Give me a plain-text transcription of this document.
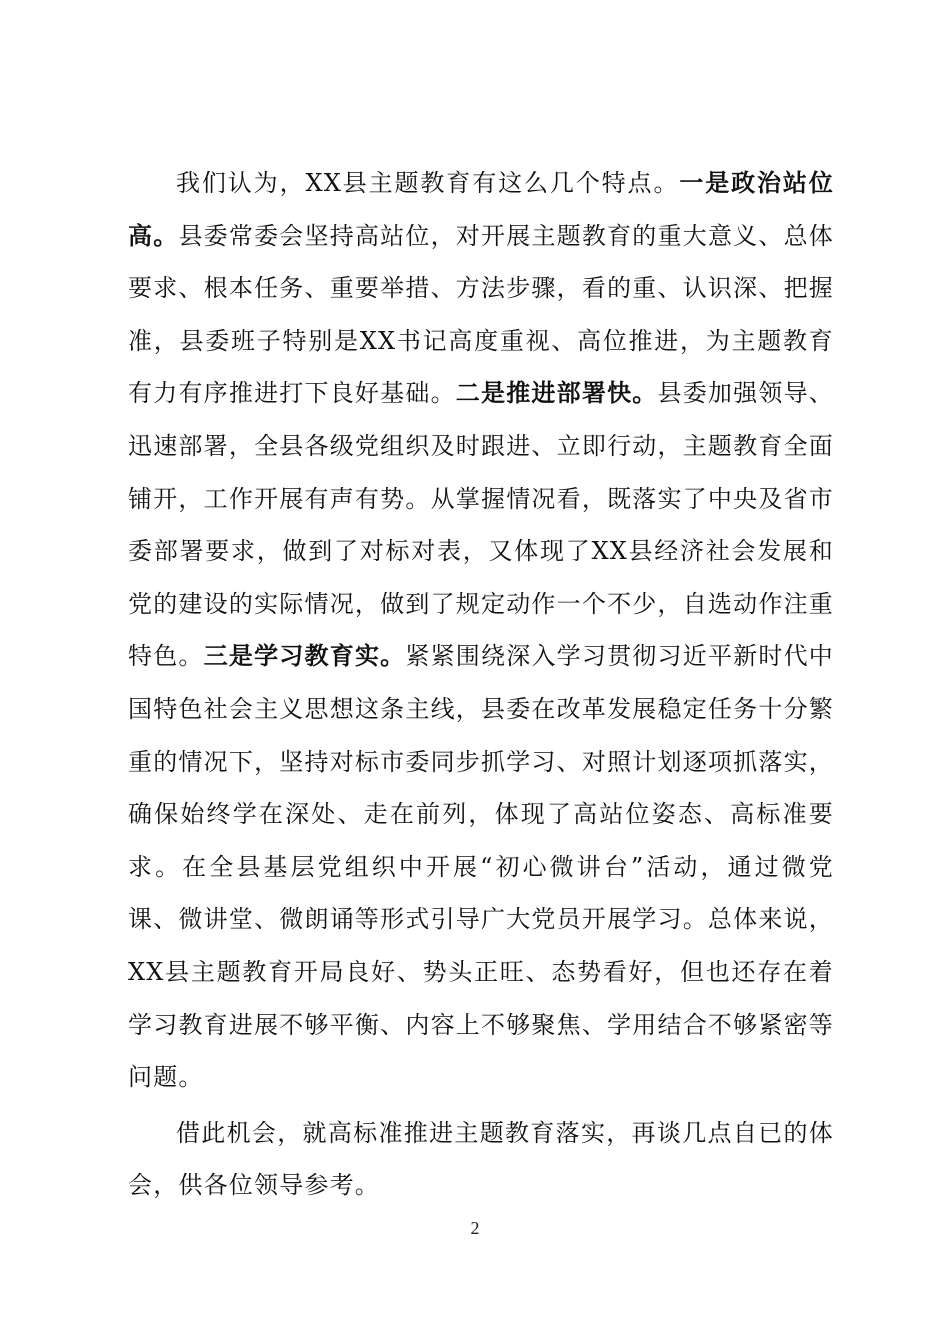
我们认为，XX县主题教育有这么几个特点。一是政治站位高。县委常委会坚持高站位，对开展主题教育的重大意义、总体要求、根本任务、重要举措、方法步骤，看的重、认识深、把握准，县委班子特别是XX书记高度重视、高位推进，为主题教育有力有序推进打下良好基础。二是推进部署快。县委加强领导、迅速部署，全县各级党组织及时跟进、立即行动，主题教育全面铺开，工作开展有声有势。从掌握情况看，既落实了中央及省市委部署要求，做到了对标对表，又体现了XX县经济社会发展和党的建设的实际情况，做到了规定动作一个不少，自选动作注重特色。三是学习教育实。紧紧围绕深入学习贯彻习近平新时代中国特色社会主义思想这条主线，县委在改革发展稳定任务十分繁重的情况下，坚持对标市委同步抓学习、对照计划逐项抓落实，确保始终学在深处、走在前列，体现了高站位姿态、高标准要求。在全县基层党组织中开展“初心微讲台”活动，通过微党课、微讲堂、微朗诵等形式引导广大党员开展学习。总体来说，XX县主题教育开局良好、势头正旺、态势看好，但也还存在着学习教育进展不够平衡、内容上不够聚焦、学用结合不够紧密等问题。

借此机会，就高标准推进主题教育落实，再谈几点自已的体会，供各位领导参考。

2
